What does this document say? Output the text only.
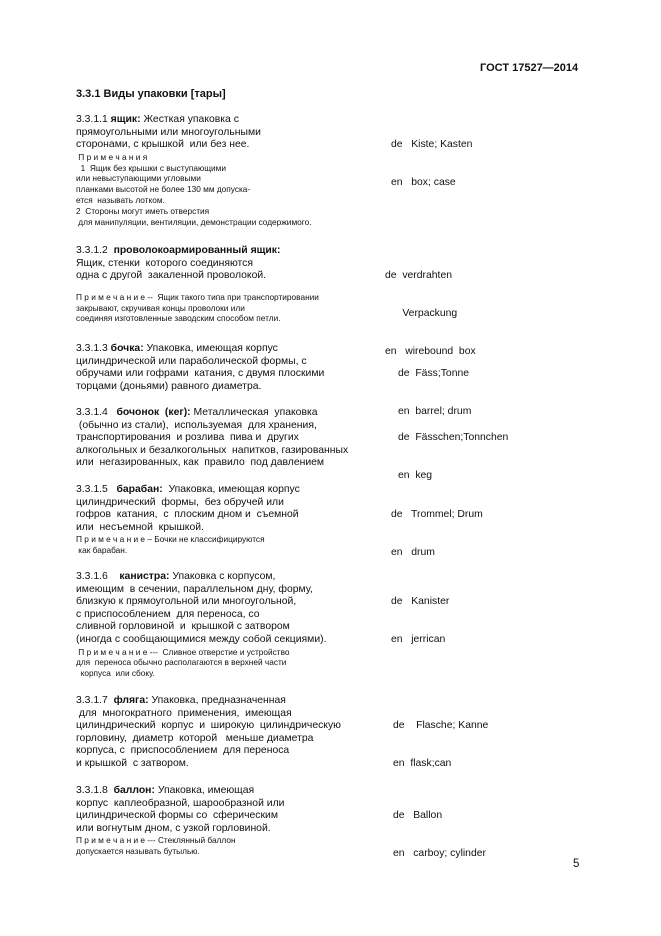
ГОСТ 17527—2014
3.3.1 Виды упаковки [тары]
3.3.1.1 ящик: Жесткая упаковка с
прямоугольными или многоугольными
сторонами, с крышкой  или без нее.
П р и м е ч а н и я
1  Ящик без крышки с выступающими
или невыступающими угловыми
планками высотой не более 130 мм допуска-
ется  называть лотком.
2  Стороны могут иметь отверстия
для манипуляции, вентиляции, демонстрации содержимого.

de   Kiste; Kasten

en   box; case

3.3.1.2 проволокоармированный ящик:
Ящик, стенки  которого соединяются
одна с другой  закаленной проволокой.
П р и м е ч а н и е --  Ящик такого типа при транспортировании
закрывают, скручивая концы проволоки или
соединяя изготовленные заводским способом петли.

de  verdrahten

Verpackung

en   wirebound  box

3.3.1.3 бочка: Упаковка, имеющая корпус
цилиндрической или параболической формы, с
обручами или гофрами  катания, с двумя плоскими
торцами (доньями) равного диаметра.

de  Fäss;Tonne

en  barrel; drum

3.3.1.4 бочонок  (кег): Металлическая  упаковка
(обычно из стали),  используемая  для хранения,
транспортирования  и розлива  пива и  других
алкогольных и безалкогольных  напитков, газированных
или  негазированных, как  правило  под давлением

de  Fässchen;Tonnchen

en  keg

3.3.1.5 барабан: Упаковка, имеющая корпус
цилиндрический  формы,  без обручей или
гофров  катания,  с  плоским дном и  съемной
или  несъемной  крышкой.
П р и м е ч а н и е – Бочки не классифицируются
как барабан.

de   Trommel; Drum

en   drum

3.3.1.6 канистра: Упаковка с корпусом,
имеющим  в сечении, параллельном дну, форму,
близкую к прямоугольной или многоугольной,
с приспособлением  для переноса, со
сливной горловиной  и  крышкой с затвором
(иногда с сообщающимися между собой секциями).
П р и м е ч а н и е ---  Сливное отверстие и устройство
для  переноса обычно располагаются в верхней части
корпуса  или сбоку.

de   Kanister

en   jerrican

3.3.1.7 фляга: Упаковка, предназначенная
для  многократного  применения,  имеющая
цилиндрический  корпус  и  широкую  цилиндрическую
горловину,  диаметр  которой   меньше диаметра
корпуса, с  приспособлением  для переноса
и крышкой  с затвором.

de    Flasche; Kanne

en  flask;can

3.3.1.8 баллон: Упаковка, имеющая
корпус  каплеобразной, шарообразной или
цилиндрической формы со  сферическим
или вогнутым дном, с узкой горловиной.
П р и м е ч а н и е --- Стеклянный баллон
допускается называть бутылью.

de   Ballon

en   carboy; cylinder

5
